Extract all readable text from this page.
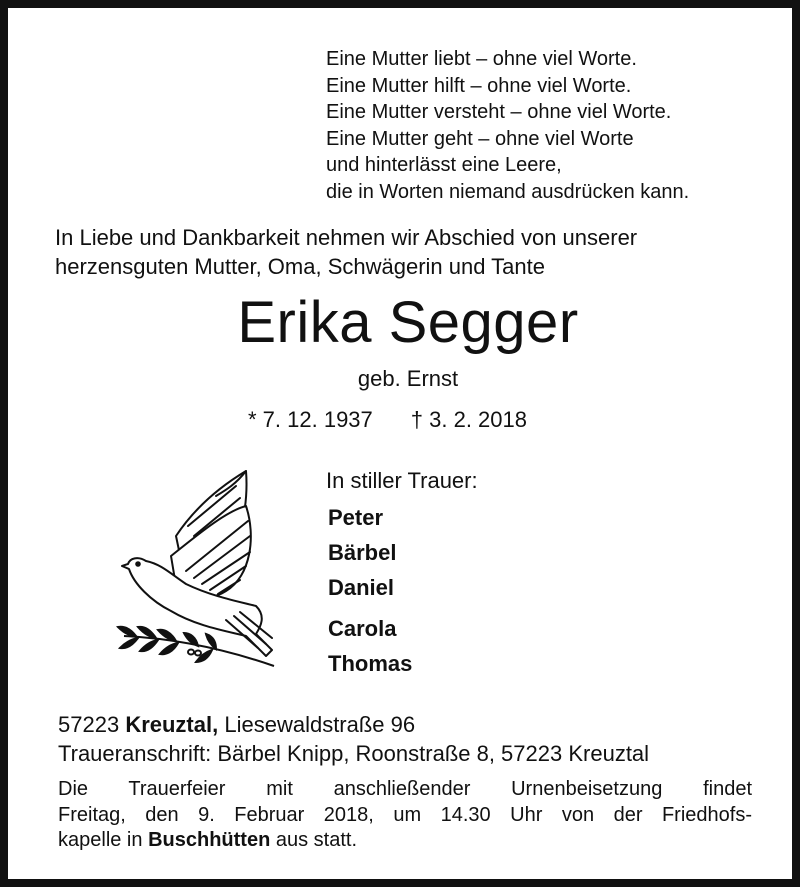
Eine Mutter liebt – ohne viel Worte.
Eine Mutter hilft – ohne viel Worte.
Eine Mutter versteht – ohne viel Worte.
Eine Mutter geht – ohne viel Worte
und hinterlässt eine Leere,
die in Worten niemand ausdrücken kann.
In Liebe und Dankbarkeit nehmen wir Abschied von unserer
herzensguten Mutter, Oma, Schwägerin und Tante
Erika Segger
geb. Ernst
* 7. 12. 1937 † 3. 2. 2018
In stiller Trauer:
Peter
Bärbel
Daniel
Carola
Thomas
57223 Kreuztal, Liesewaldstraße 96
Traueranschrift: Bärbel Knipp, Roonstraße 8, 57223 Kreuztal
Die Trauerfeier mit anschließender Urnenbeisetzung findet
Freitag, den 9. Februar 2018, um 14.30 Uhr von der Friedhofs-
kapelle in Buschhütten aus statt.
